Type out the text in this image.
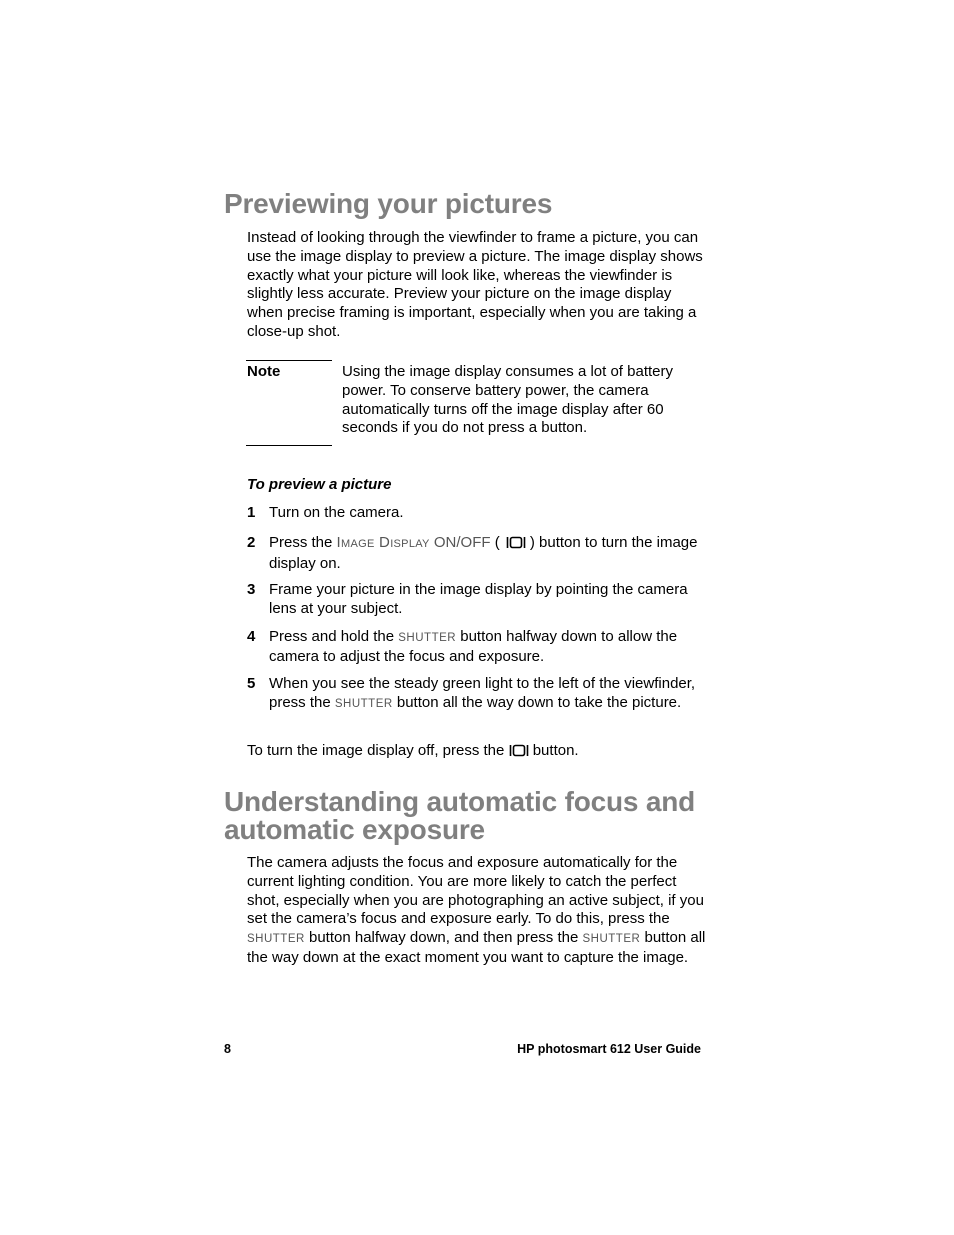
Previewing your pictures

Instead of looking through the viewfinder to frame a picture, you can use the image display to preview a picture. The image display shows exactly what your picture will look like, whereas the viewfinder is slightly less accurate. Preview your picture on the image display when precise framing is important, especially when you are taking a close-up shot.

Note	Using the image display consumes a lot of battery power. To conserve battery power, the camera automatically turns off the image display after 60 seconds if you do not press a button.
To preview a picture
1 Turn on the camera.
2 Press the Image Display ON/OFF ( ) button to turn the image display on.
3 Frame your picture in the image display by pointing the camera lens at your subject.
4 Press and hold the SHUTTER button halfway down to allow the camera to adjust the focus and exposure.
5 When you see the steady green light to the left of the viewfinder, press the SHUTTER button all the way down to take the picture.

To turn the image display off, press the  button.

Understanding automatic focus and
automatic exposure

The camera adjusts the focus and exposure automatically for the current lighting condition. You are more likely to catch the perfect shot, especially when you are photographing an active subject, if you set the camera’s focus and exposure early. To do this, press the SHUTTER button halfway down, and then press the SHUTTER button all the way down at the exact moment you want to capture the image.

8	HP photosmart 612 User Guide
